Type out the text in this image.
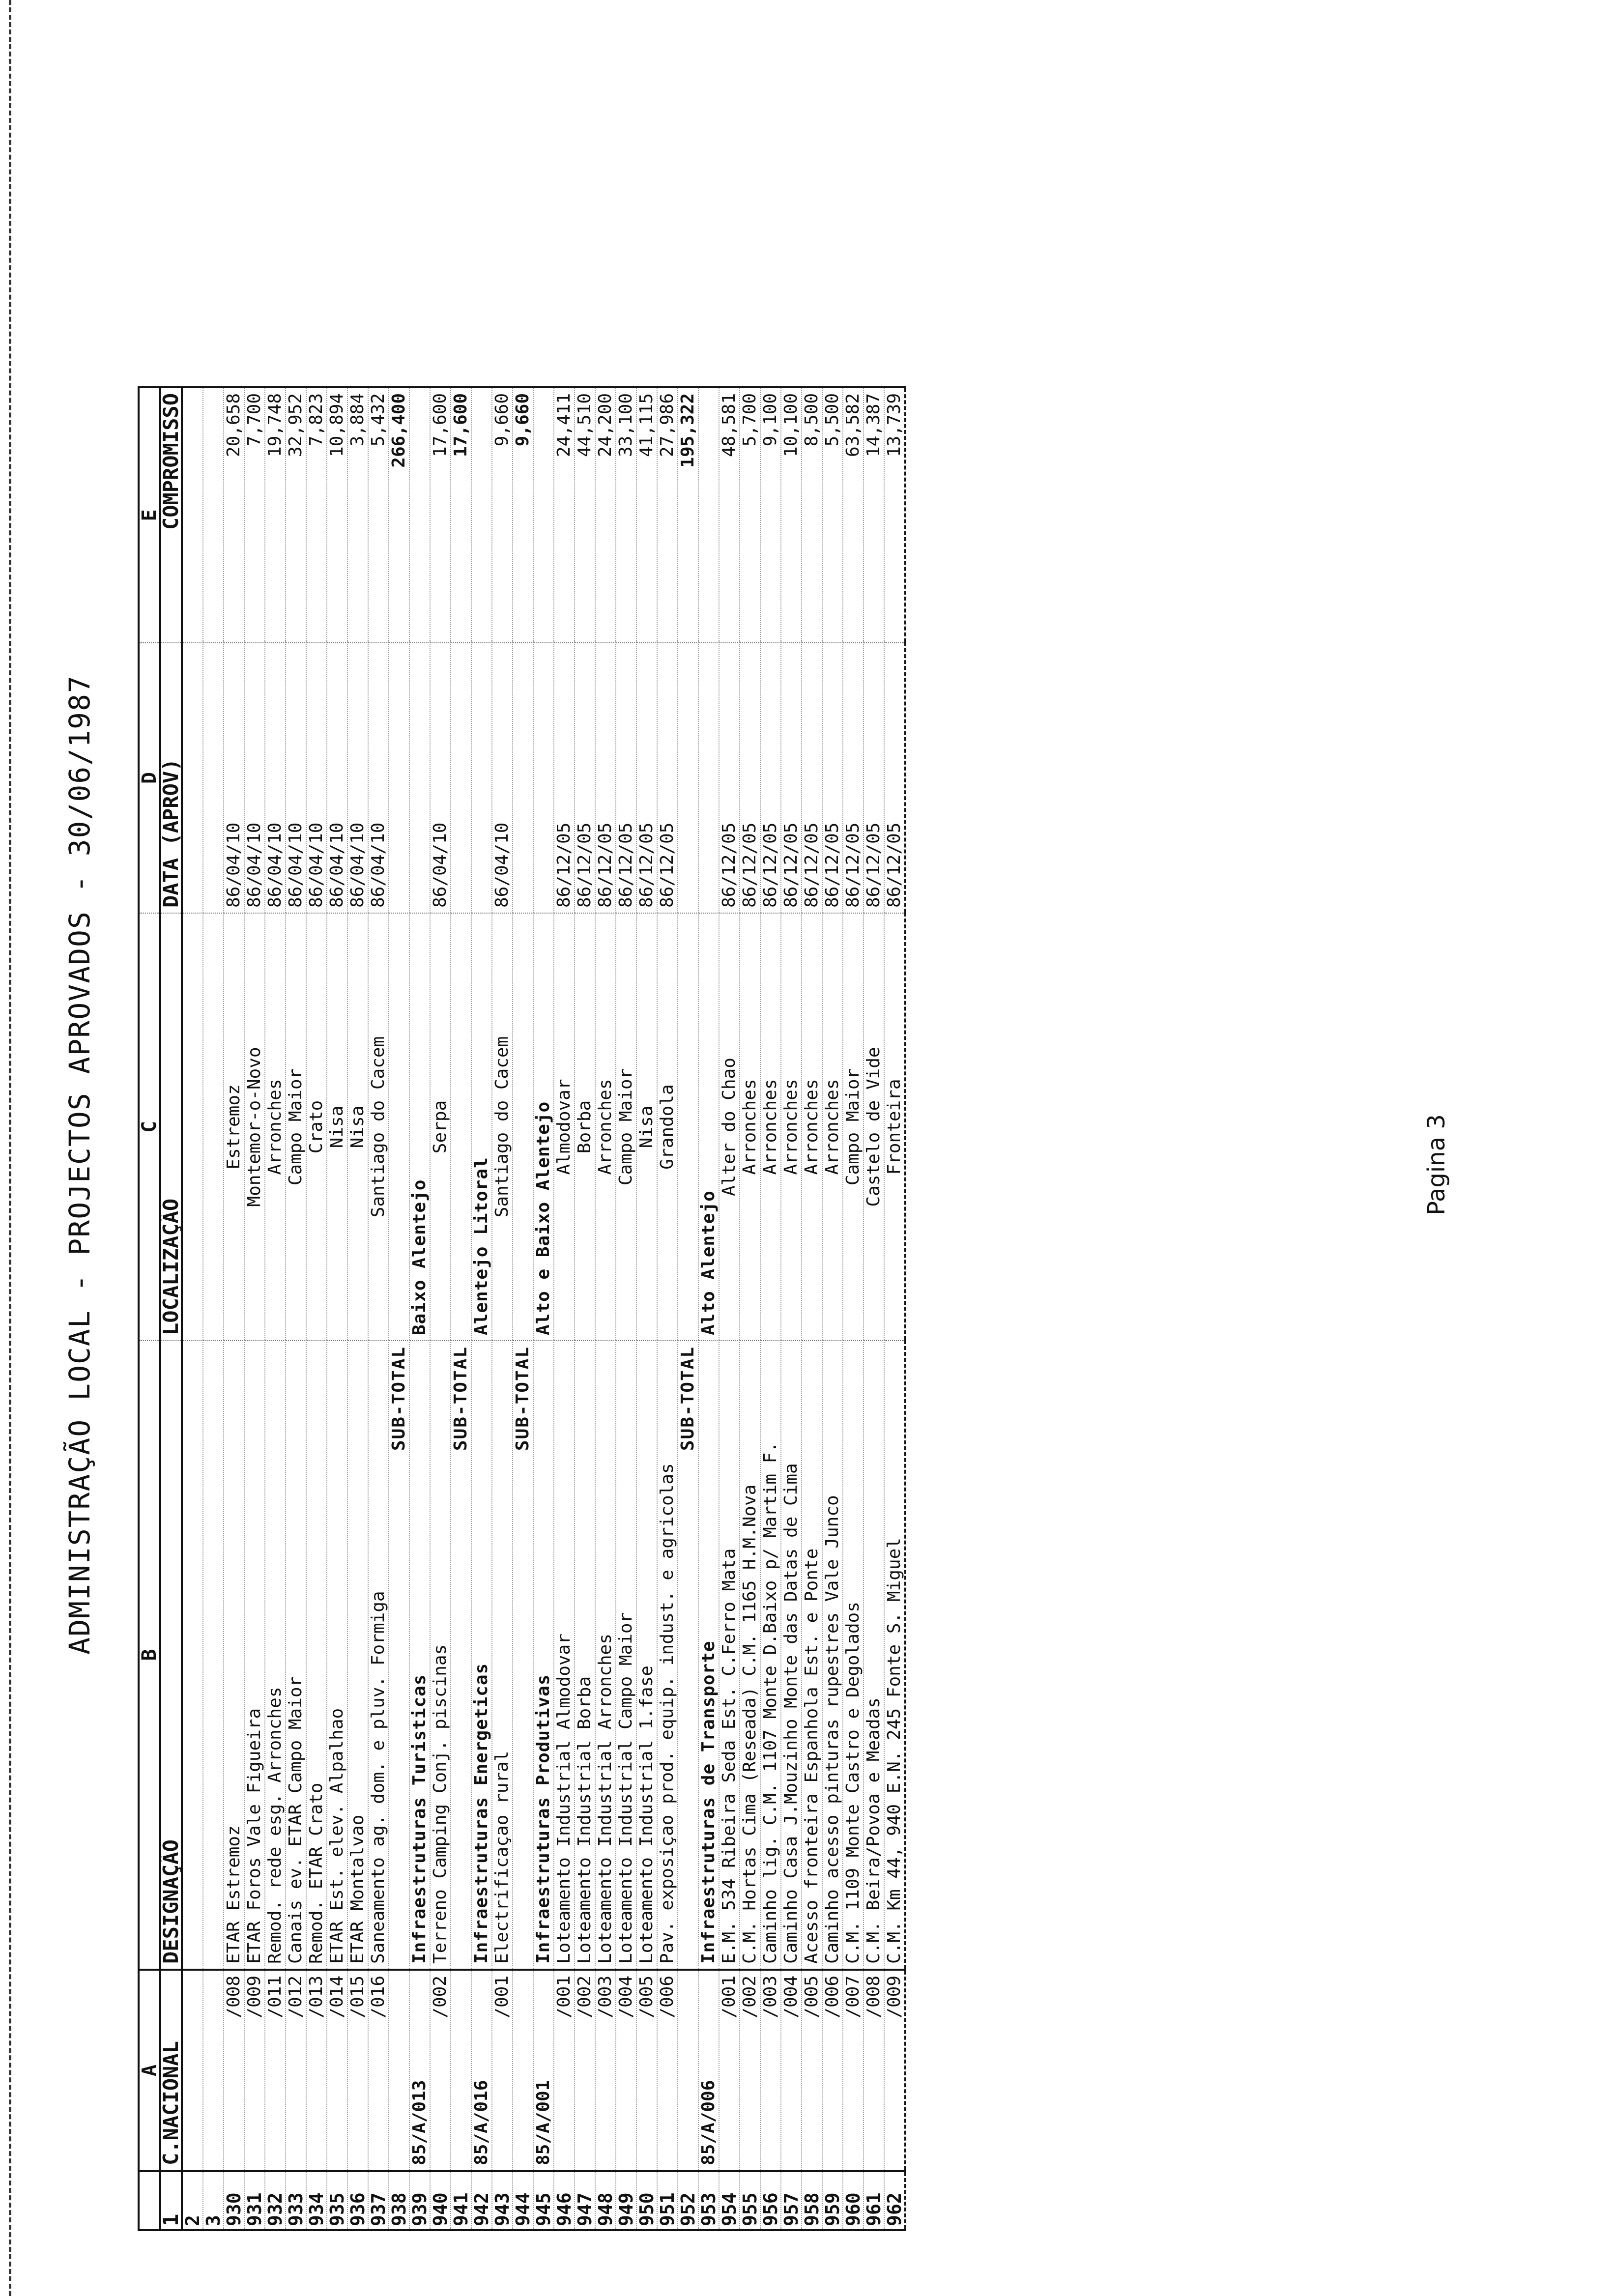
ADMINISTRAÇÃO LOCAL - PROJECTOS APROVADOS - 30/06/1987
	A	B	C	D	E
1	C.NACIONAL	DESIGNAÇÃO	LOCALIZAÇÃO	DATA (APROV)	COMPROMISSO
2					
3					
930	/008	ETAR Estremoz	Estremoz	86/04/10	20,658
931	/009	ETAR Foros Vale Figueira	Montemor-o-Novo	86/04/10	7,700
932	/011	Remod. rede esg. Arronches	Arronches	86/04/10	19,748
933	/012	Canais ev. ETAR Campo Maior	Campo Maior	86/04/10	32,952
934	/013	Remod. ETAR Crato	Crato	86/04/10	7,823
935	/014	ETAR Est. elev. Alpalhao	Nisa	86/04/10	10,894
936	/015	ETAR Montalvao	Nisa	86/04/10	3,884
937	/016	Saneamento ag. dom. e pluv. Formiga	Santiago do Cacem	86/04/10	5,432
938		SUB-TOTAL			266,400
939	85/A/013	Infraestruturas Turisticas	Baixo Alentejo		
940	/002	Terreno Camping Conj. piscinas	Serpa	86/04/10	17,600
941		SUB-TOTAL			17,600
942	85/A/016	Infraestruturas Energeticas	Alentejo Litoral		
943	/001	Electrificaçao rural	Santiago do Cacem	86/04/10	9,660
944		SUB-TOTAL			9,660
945	85/A/001	Infraestruturas Produtivas	Alto e Baixo Alentejo		
946	/001	Loteamento Industrial Almodovar	Almodovar	86/12/05	24,411
947	/002	Loteamento Industrial Borba	Borba	86/12/05	44,510
948	/003	Loteamento Industrial Arronches	Arronches	86/12/05	24,200
949	/004	Loteamento Industrial Campo Maior	Campo Maior	86/12/05	33,100
950	/005	Loteamento Industrial 1.fase	Nisa	86/12/05	41,115
951	/006	Pav. exposiçao prod. equip. indust. e agricolas	Grandola	86/12/05	27,986
952		SUB-TOTAL			195,322
953	85/A/006	Infraestruturas de Transporte	Alto Alentejo		
954	/001	E.M. 534 Ribeira Seda Est. C.Ferro Mata	Alter do Chao	86/12/05	48,581
955	/002	C.M. Hortas Cima (Reseada) C.M. 1165 H.M.Nova	Arronches	86/12/05	5,700
956	/003	Caminho lig. C.M. 1107 Monte D.Baixo p/ Martim F.	Arronches	86/12/05	9,100
957	/004	Caminho Casa J.Mouzinho Monte das Datas de Cima	Arronches	86/12/05	10,100
958	/005	Acesso fronteira Espanhola Est. e Ponte	Arronches	86/12/05	8,500
959	/006	Caminho acesso pinturas rupestres Vale Junco	Arronches	86/12/05	5,500
960	/007	C.M. 1109 Monte Castro e Degolados	Campo Maior	86/12/05	63,582
961	/008	C.M. Beira/Povoa e Meadas	Castelo de Vide	86/12/05	14,387
962	/009	C.M. Km 44, 940 E.N. 245 Fonte S. Miguel	Fronteira	86/12/05	13,739
Pagina 3
